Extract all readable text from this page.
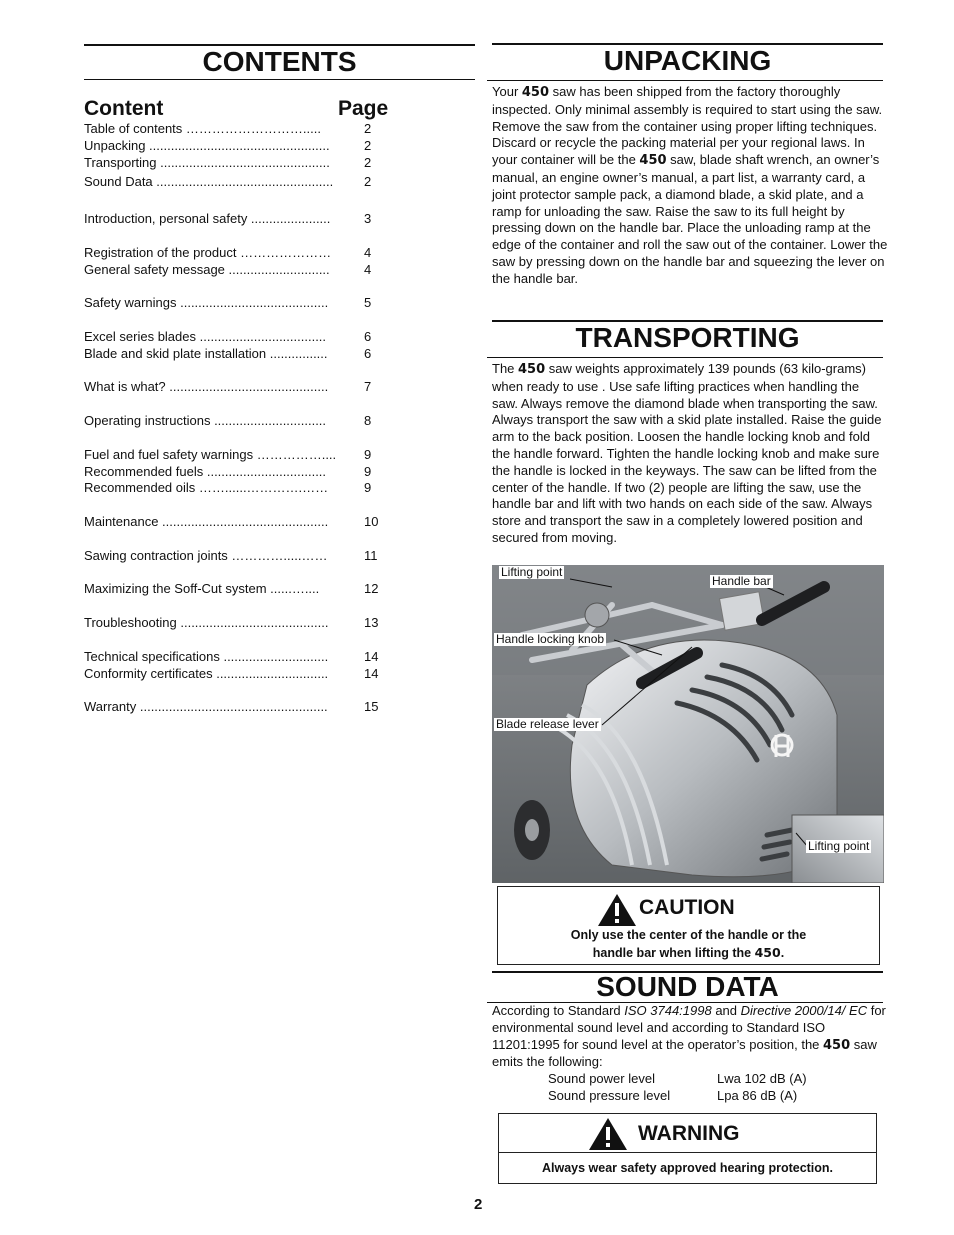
CONTENTS
Content	Page
Table of contents ……………………….....	2
Unpacking ..................................................	2
Transporting ...............................................	2
Sound Data ................................................. 2
Introduction, personal safety ......................	3
Registration of the product …………………	4
General safety message ............................	4
Safety warnings .........................................	5
Excel series blades ...................................	6
Blade and skid plate installation ................	6
What is what? ............................................	7
Operating instructions ...............................	8
Fuel and fuel safety warnings …………….... 9
Recommended fuels .................................	9
Recommended oils ……......………….……	9
Maintenance ..............................................	10
Sawing contraction joints ………….....……	11
Maximizing the Soff-Cut system ......…....	12
Troubleshooting .........................................	13
Technical specifications .............................	14
Conformity certificates ...............................	14
Warranty ....................................................	15
UNPACKING
Your 450 saw has been shipped from the factory thoroughly inspected. Only minimal assembly is required to start using the saw. Remove the saw from the container using proper lifting techniques. Discard or recycle the packing material per your regional laws. In your container will be the 450 saw, blade shaft wrench, an owner’s manual, an engine owner’s manual, a part list, a warranty card, a joint protector sample pack, a diamond blade, a skid plate, and a ramp for unloading the saw. Raise the saw to its full height by pressing down on the handle bar. Place the unloading ramp at the edge of the container and roll the saw out of the container. Lower the saw by pressing down on the handle bar and squeezing the lever on the handle bar.
TRANSPORTING
The 450 saw weights approximately 139 pounds (63 kilo-grams) when ready to use . Use safe lifting practices when handling the saw. Always remove the diamond blade when transporting the saw. Always transport the saw with a skid plate installed. Raise the guide arm to the back position. Loosen the handle locking knob and fold the handle forward. Tighten the handle locking knob and make sure the handle is locked in the keyways. The saw can be lifted from the center of the handle. If two (2) people are lifting the saw, use the handle bar and lift with two hands on each side of the saw. Always store and transport the saw in a completely lowered position and secured from moving.
Lifting point
Handle bar
Handle locking knob
Blade release lever
Lifting point
CAUTION
Only use the center of the handle or the
handle bar when lifting the 450.
SOUND DATA
According to Standard ISO 3744:1998 and Directive 2000/14/ EC for environmental sound level and according to Standard ISO 11201:1995 for sound level at the operator’s position, the 450 saw emits the following:
Sound power level	Lwa 102 dB (A)
Sound pressure level	Lpa 86 dB (A)
WARNING
Always wear safety approved hearing protection.
2
